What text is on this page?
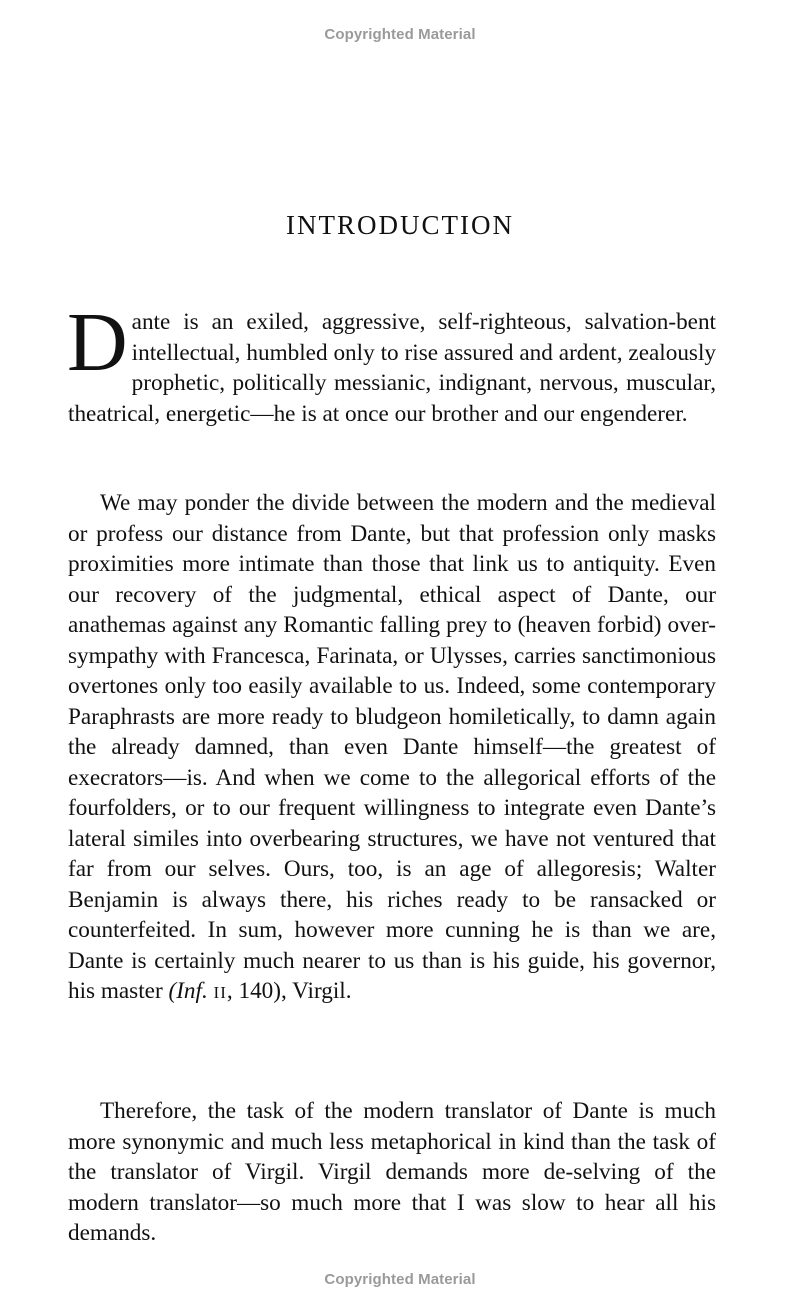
Copyrighted Material
INTRODUCTION

Dante is an exiled, aggressive, self-righteous, salvation-bent intellectual, humbled only to rise assured and ardent, zealously prophetic, politically messianic, indignant, nervous, muscular, theatrical, energetic—he is at once our brother and our engenderer.

We may ponder the divide between the modern and the medieval or profess our distance from Dante, but that profession only masks proximities more intimate than those that link us to antiquity. Even our recovery of the judgmental, ethical aspect of Dante, our anathemas against any Romantic falling prey to (heaven forbid) over-sympathy with Francesca, Farinata, or Ulysses, carries sanctimonious overtones only too easily available to us. Indeed, some contemporary Paraphrasts are more ready to bludgeon homiletically, to damn again the already damned, than even Dante himself—the greatest of execrators—is. And when we come to the allegorical efforts of the fourfolders, or to our frequent willingness to integrate even Dante’s lateral similes into overbearing structures, we have not ventured that far from our selves. Ours, too, is an age of allegoresis; Walter Benjamin is always there, his riches ready to be ransacked or counterfeited. In sum, however more cunning he is than we are, Dante is certainly much nearer to us than is his guide, his governor, his master (Inf. II, 140), Virgil.

Therefore, the task of the modern translator of Dante is much more synonymic and much less metaphorical in kind than the task of the translator of Virgil. Virgil demands more de-selving of the modern translator—so much more that I was slow to hear all his demands.

Copyrighted Material
